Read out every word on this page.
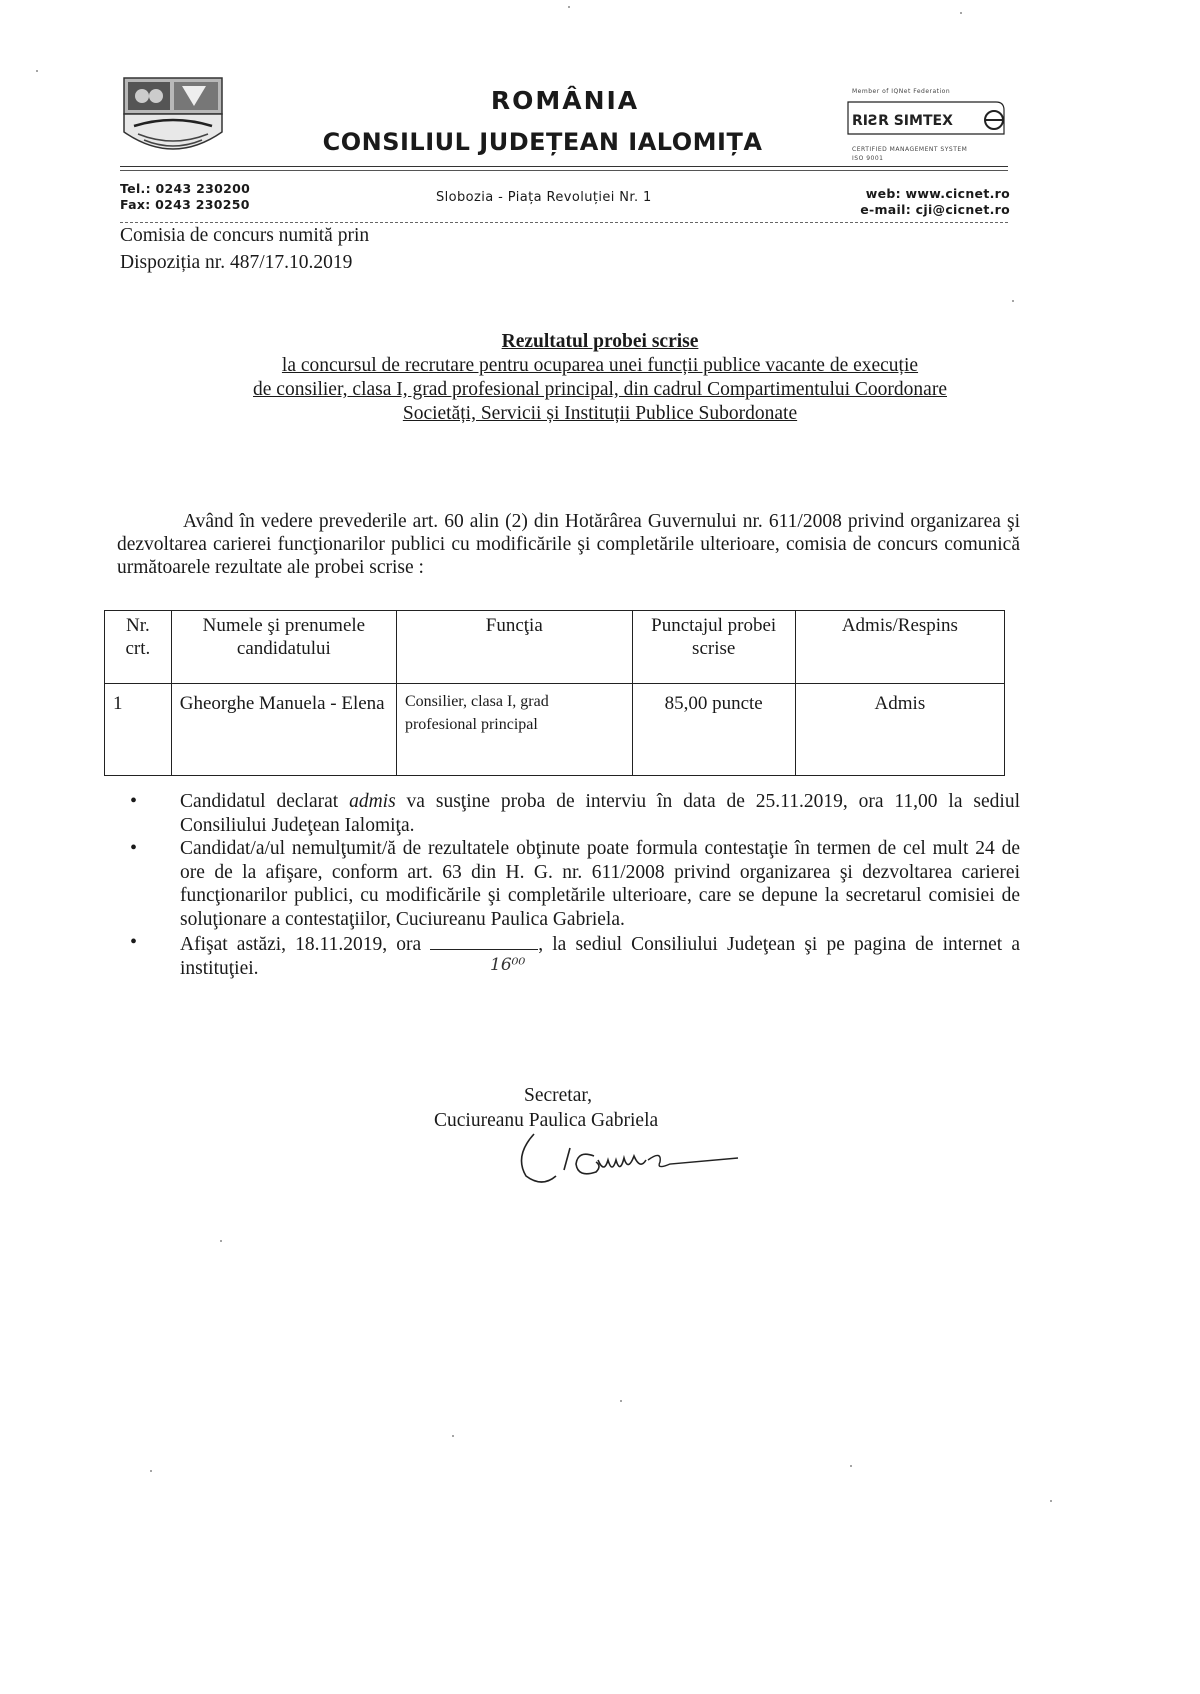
ROMÂNIA
CONSILIUL JUDEȚEAN IALOMIȚA
Member of IQNet Federation
RIƧR SIMTEX
CERTIFIED MANAGEMENT SYSTEM
ISO 9001
Tel.: 0243 230200
Fax: 0243 230250	Slobozia - Piața Revoluției Nr. 1	web: www.cicnet.ro
e-mail: cji@cicnet.ro
Comisia de concurs numită prin
Dispoziția nr. 487/17.10.2019
Rezultatul probei scrise
la concursul de recrutare pentru ocuparea unei funcții publice vacante de execuție
de consilier, clasa I, grad profesional principal, din cadrul Compartimentului Coordonare
Societăți, Servicii și Instituții Publice Subordonate

Având în vedere prevederile art. 60 alin (2) din Hotărârea Guvernului nr. 611/2008 privind organizarea şi dezvoltarea carierei funcţionarilor publici cu modificările şi completările ulterioare, comisia de concurs comunică următoarele rezultate ale probei scrise :

Nr. crt.	Numele şi prenumele candidatului	Funcţia	Punctajul probei scrise	Admis/Respins
1	Gheorghe Manuela - Elena	Consilier, clasa I, grad profesional principal	85,00 puncte	Admis
• Candidatul declarat admis va susţine proba de interviu în data de 25.11.2019, ora 11,00 la sediul Consiliului Judeţean Ialomiţa.
• Candidat/a/ul nemulţumit/ă de rezultatele obţinute poate formula contestaţie în termen de cel mult 24 de ore de la afişare, conform art. 63 din H. G. nr. 611/2008 privind organizarea şi dezvoltarea carierei funcţionarilor publici, cu modificările şi completările ulterioare, care se depune la secretarul comisiei de soluţionare a contestaţiilor, Cuciureanu Paulica Gabriela.
• Afişat astăzi, 18.11.2019, ora	, la sediul Consiliului Judeţean şi pe pagina de internet a instituţiei.	16⁰⁰
Secretar,
Cuciureanu Paulica Gabriela
